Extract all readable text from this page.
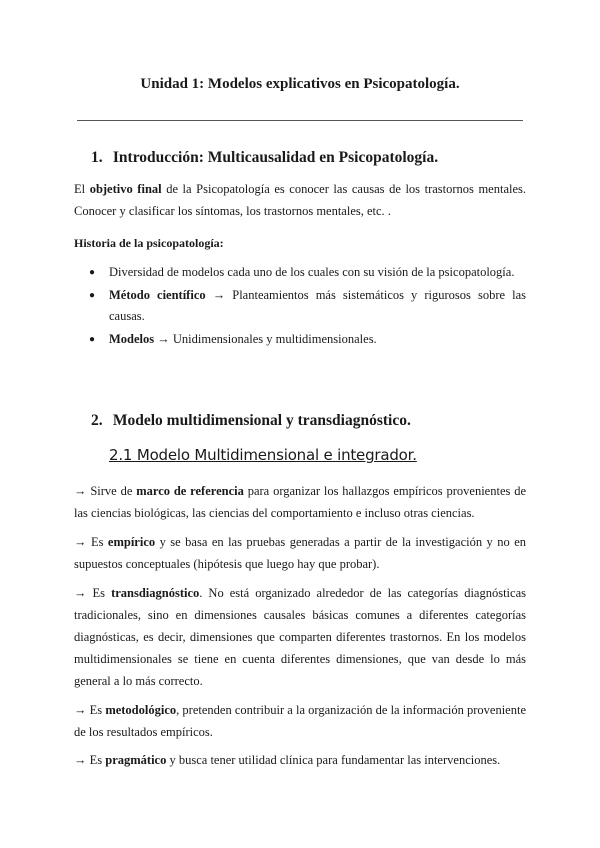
Unidad 1: Modelos explicativos en Psicopatología.
1. Introducción: Multicausalidad en Psicopatología.
El objetivo final de la Psicopatología es conocer las causas de los trastornos mentales. Conocer y clasificar los síntomas, los trastornos mentales, etc. .
Historia de la psicopatología:
● Diversidad de modelos cada uno de los cuales con su visión de la psicopatología.
● Método científico → Planteamientos más sistemáticos y rigurosos sobre las causas.
● Modelos → Unidimensionales y multidimensionales.
2. Modelo multidimensional y transdiagnóstico.
2.1 Modelo Multidimensional e integrador.
→ Sirve de marco de referencia para organizar los hallazgos empíricos provenientes de las ciencias biológicas, las ciencias del comportamiento e incluso otras ciencias.
→ Es empírico y se basa en las pruebas generadas a partir de la investigación y no en supuestos conceptuales (hipótesis que luego hay que probar).
→ Es transdiagnóstico. No está organizado alrededor de las categorías diagnósticas tradicionales, sino en dimensiones causales básicas comunes a diferentes categorías diagnósticas, es decir, dimensiones que comparten diferentes trastornos. En los modelos multidimensionales se tiene en cuenta diferentes dimensiones, que van desde lo más general a lo más correcto.
→ Es metodológico, pretenden contribuir a la organización de la información proveniente de los resultados empíricos.
→ Es pragmático y busca tener utilidad clínica para fundamentar las intervenciones.
